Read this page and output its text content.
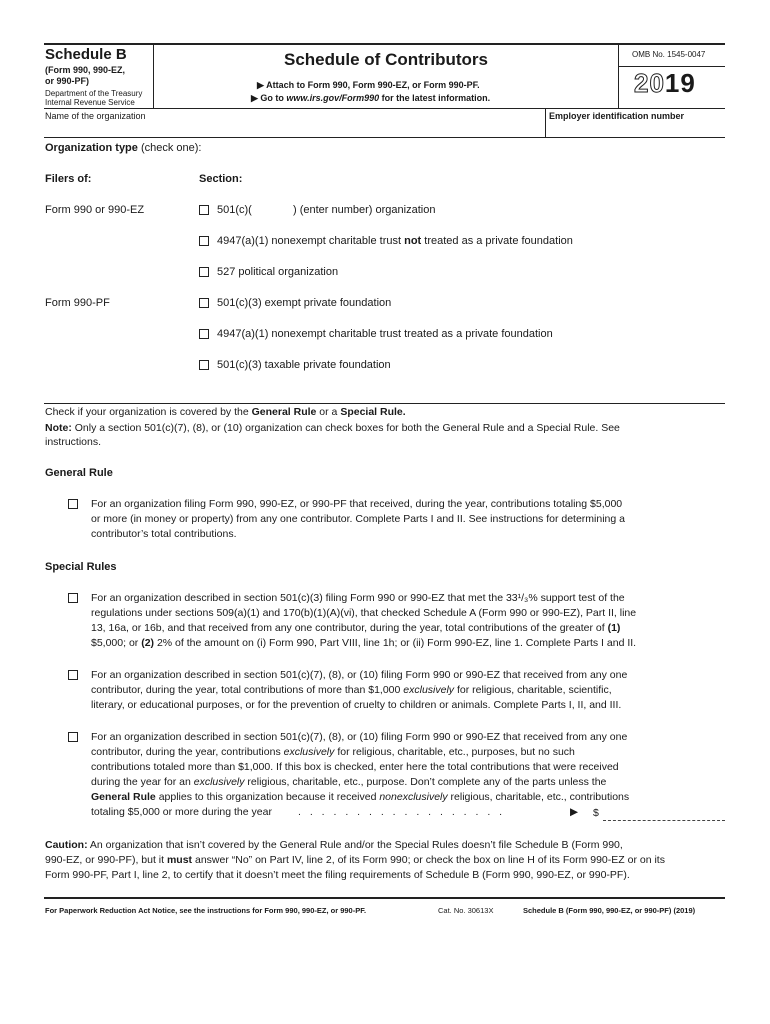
Schedule B
(Form 990, 990-EZ,
or 990-PF)
Department of the Treasury
Internal Revenue Service
Schedule of Contributors
▶ Attach to Form 990, Form 990-EZ, or Form 990-PF.
▶ Go to www.irs.gov/Form990 for the latest information.
OMB No. 1545-0047
2019
Name of the organization	Employer identification number
Organization type (check one):
Filers of:	Section:
Form 990 or 990-EZ	501(c)(	) (enter number) organization
4947(a)(1) nonexempt charitable trust not treated as a private foundation
527 political organization
Form 990-PF	501(c)(3) exempt private foundation
4947(a)(1) nonexempt charitable trust treated as a private foundation
501(c)(3) taxable private foundation
Check if your organization is covered by the General Rule or a Special Rule.
Note: Only a section 501(c)(7), (8), or (10) organization can check boxes for both the General Rule and a Special Rule. See
instructions.
General Rule
For an organization filing Form 990, 990-EZ, or 990-PF that received, during the year, contributions totaling $5,000
or more (in money or property) from any one contributor. Complete Parts I and II. See instructions for determining a
contributor’s total contributions.
Special Rules
For an organization described in section 501(c)(3) filing Form 990 or 990-EZ that met the 33¹/₃% support test of the
regulations under sections 509(a)(1) and 170(b)(1)(A)(vi), that checked Schedule A (Form 990 or 990-EZ), Part II, line
13, 16a, or 16b, and that received from any one contributor, during the year, total contributions of the greater of (1)
$5,000; or (2) 2% of the amount on (i) Form 990, Part VIII, line 1h; or (ii) Form 990-EZ, line 1. Complete Parts I and II.
For an organization described in section 501(c)(7), (8), or (10) filing Form 990 or 990-EZ that received from any one
contributor, during the year, total contributions of more than $1,000 exclusively for religious, charitable, scientific,
literary, or educational purposes, or for the prevention of cruelty to children or animals. Complete Parts I, II, and III.
For an organization described in section 501(c)(7), (8), or (10) filing Form 990 or 990-EZ that received from any one
contributor, during the year, contributions exclusively for religious, charitable, etc., purposes, but no such
contributions totaled more than $1,000. If this box is checked, enter here the total contributions that were received
during the year for an exclusively religious, charitable, etc., purpose. Don’t complete any of the parts unless the
General Rule applies to this organization because it received nonexclusively religious, charitable, etc., contributions
totaling $5,000 or more during the year . . . . . . . . . . . . . . . . . .	▶ $
Caution: An organization that isn’t covered by the General Rule and/or the Special Rules doesn’t file Schedule B (Form 990,
990-EZ, or 990-PF), but it must answer “No” on Part IV, line 2, of its Form 990; or check the box on line H of its Form 990-EZ or on its
Form 990-PF, Part I, line 2, to certify that it doesn’t meet the filing requirements of Schedule B (Form 990, 990-EZ, or 990-PF).
For Paperwork Reduction Act Notice, see the instructions for Form 990, 990-EZ, or 990-PF.	Cat. No. 30613X	Schedule B (Form 990, 990-EZ, or 990-PF) (2019)
